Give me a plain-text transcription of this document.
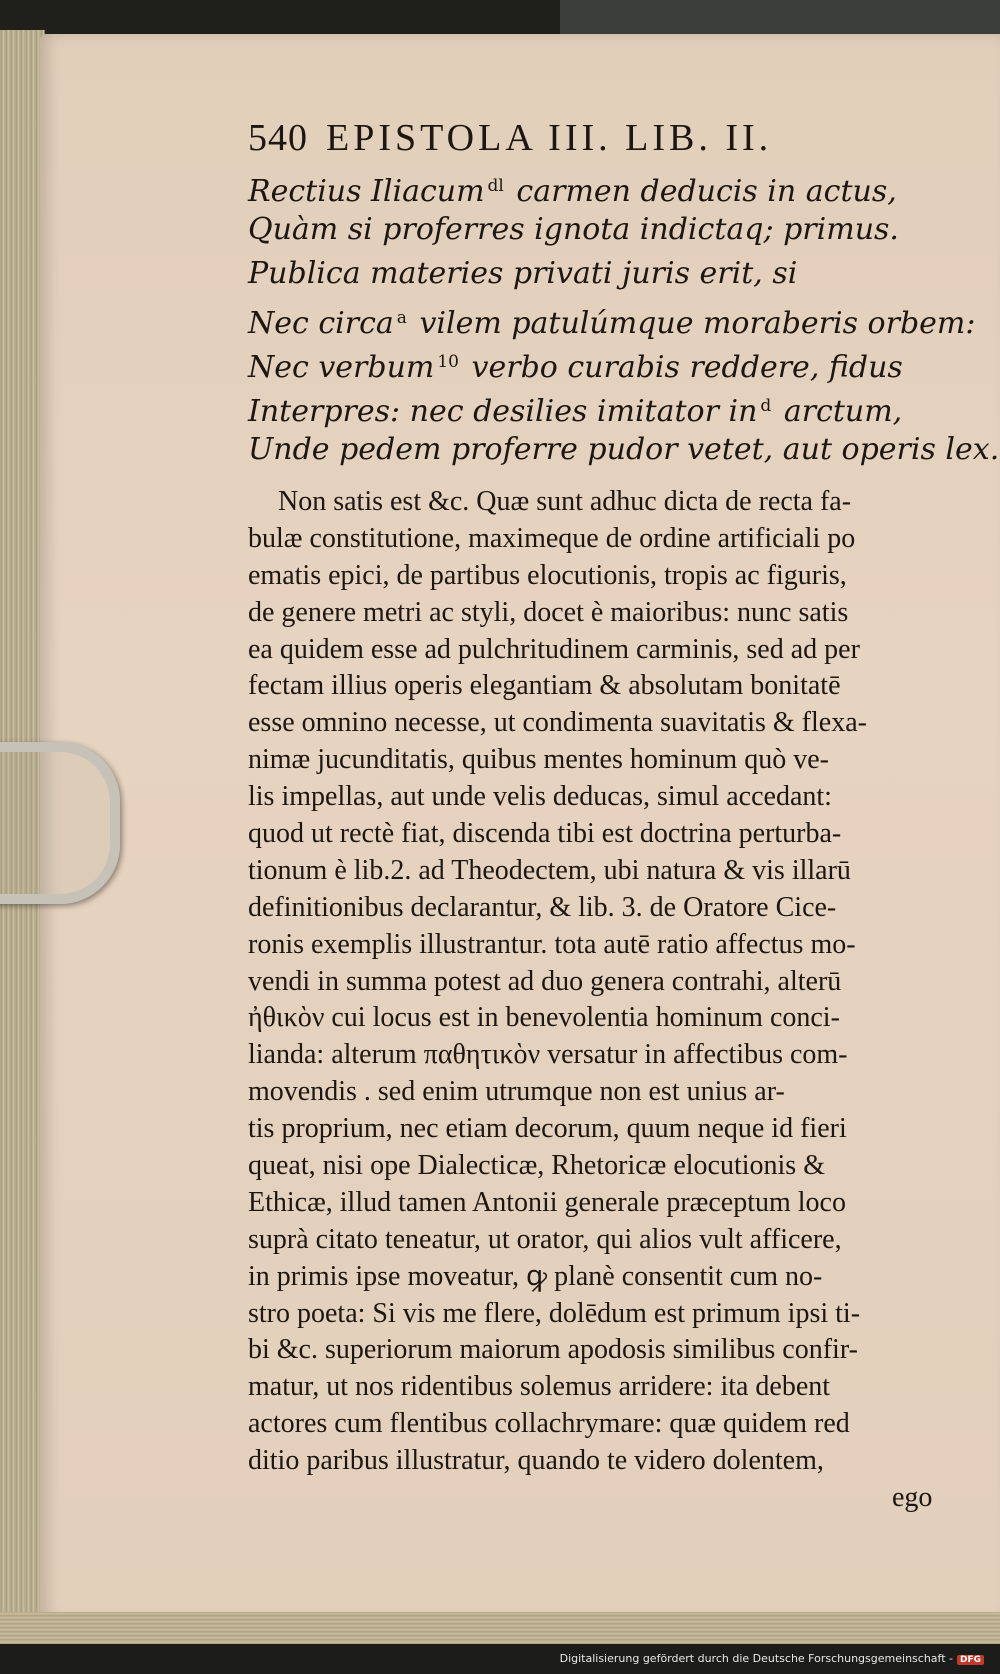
540 EPISTOLA III. LIB. II.
Rectius Iliacum $^{dl}$ carmen deducis in actus,
Quàm si proferres ignota indictaq; primus.
Publica materies privati juris erit, si
Nec circa $^a$ vilem patulúmque moraberis orbem:
Nec verbum $^{10}$ verbo curabis reddere, fidus
Interpres: nec desilies imitator in $^d$ arctum,
Unde pedem proferre pudor vetet, aut operis lex.
Non satis est &c. Quæ sunt adhuc dicta de recta fa-
bulæ constitutione, maximeque de ordine artificiali po
ematis epici, de partibus elocutionis, tropis ac figuris,
de genere metri ac styli, docet è maioribus: nunc satis
ea quidem esse ad pulchritudinem carminis, sed ad per
fectam illius operis elegantiam & absolutam bonitatē
esse omnino necesse, ut condimenta suavitatis & flexa-
nimæ jucunditatis, quibus mentes hominum quò ve-
lis impellas, aut unde velis deducas, simul accedant:
quod ut rectè fiat, discenda tibi est doctrina perturba-
tionum è lib.2. ad Theodectem, ubi natura & vis illarū
definitionibus declarantur, & lib. 3. de Oratore Cice-
ronis exemplis illustrantur. tota autē ratio affectus mo-
vendi in summa potest ad duo genera contrahi, alterū
ἠθικὸν cui locus est in benevolentia hominum conci-
lianda: alterum παθητικὸν versatur in affectibus com-
movendis . sed enim utrumque non est unius ar-
tis proprium, nec etiam decorum, quum neque id fieri
queat, nisi ope Dialecticæ, Rhetoricæ elocutionis &
Ethicæ, illud tamen Antonii generale præceptum loco
suprà citato teneatur, ut orator, qui alios vult afficere,
in primis ipse moveatur, ꝙ planè consentit cum no-
stro poeta: Si vis me flere, dolēdum est primum ipsi ti-
bi &c. superiorum maiorum apodosis similibus confir-
matur, ut nos ridentibus solemus arridere: ita debent
actores cum flentibus collachrymare: quæ quidem red
ditio paribus illustratur, quando te videro dolentem,
ego
Digitalisierung gefördert durch die Deutsche Forschungsgemeinschaft - DFG
